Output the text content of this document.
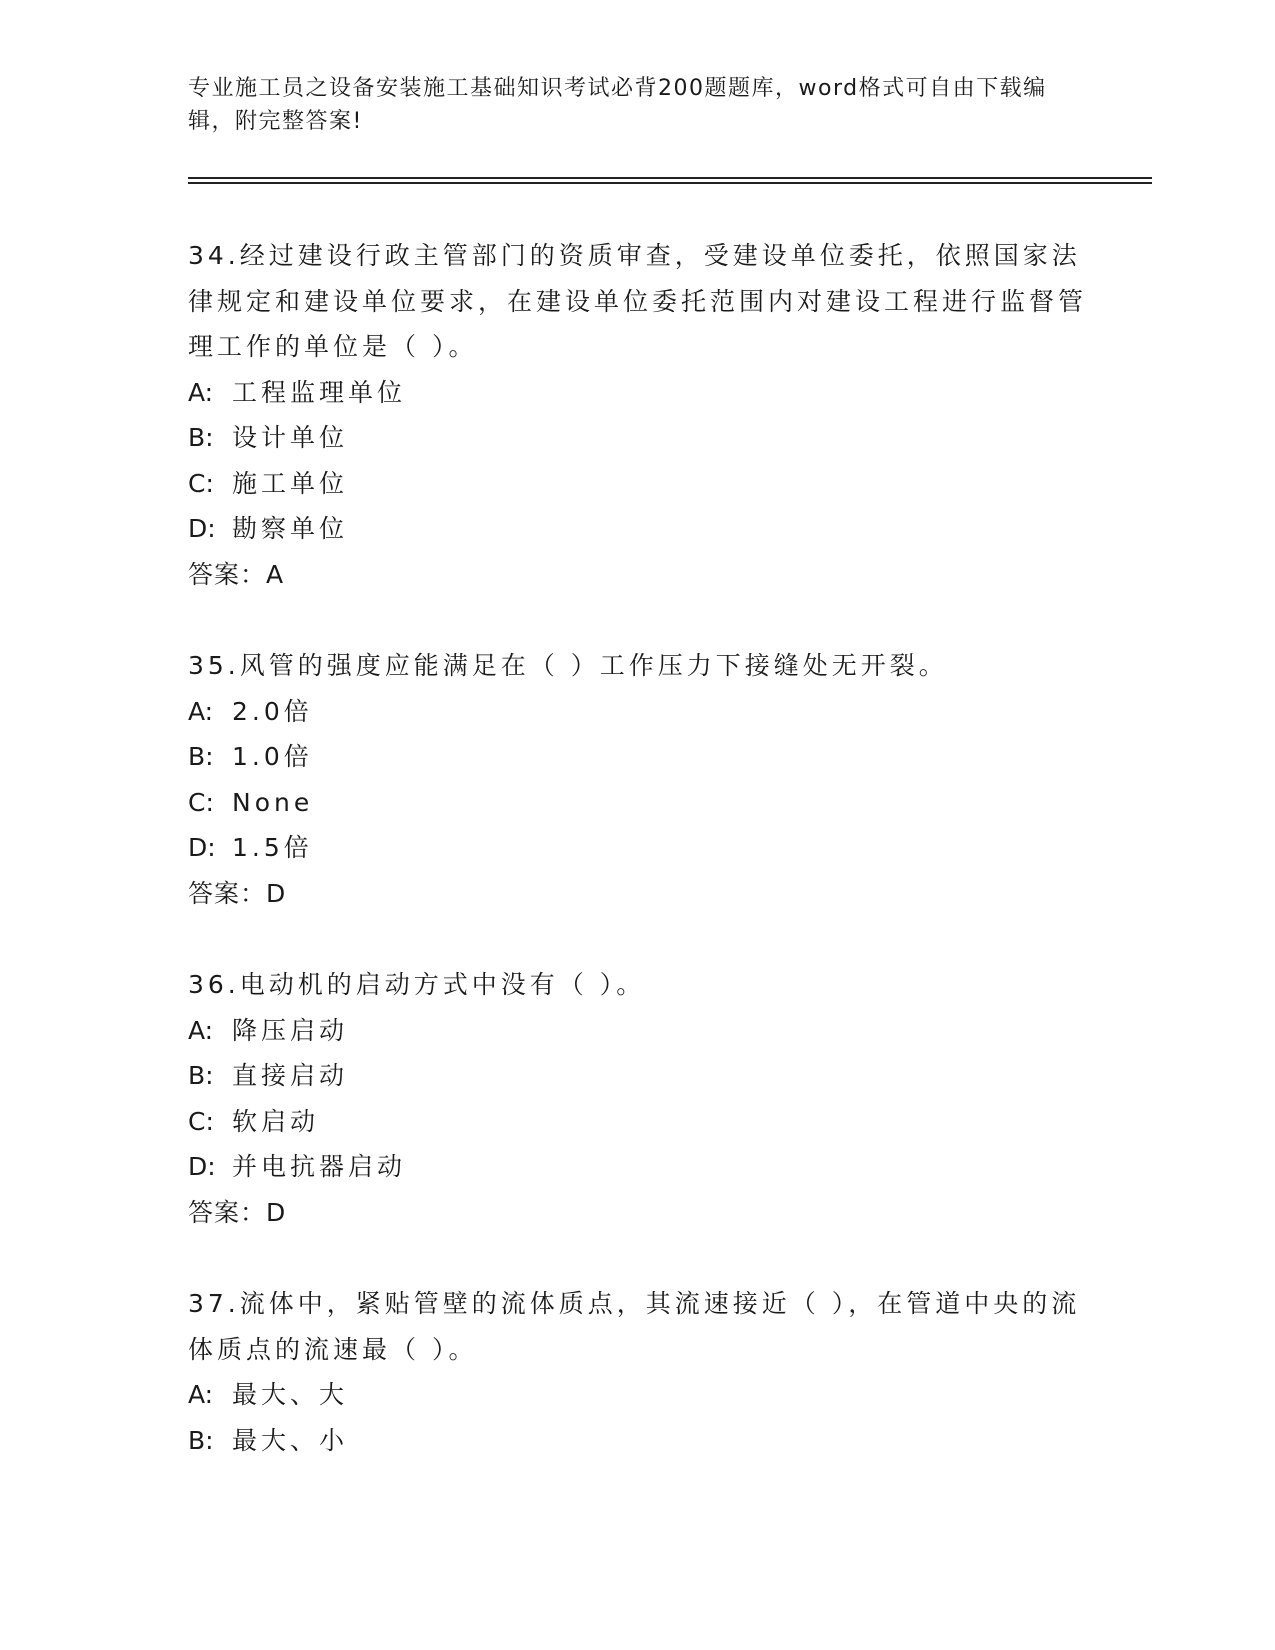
专业施工员之设备安装施工基础知识考试必背200题题库，word格式可自由下载编辑，附完整答案!

34.经过建设行政主管部门的资质审查，受建设单位委托，依照国家法律规定和建设单位要求，在建设单位委托范围内对建设工程进行监督管理工作的单位是（ ）。

A: 工程监理单位

B: 设计单位

C: 施工单位

D: 勘察单位

答案：A

35.风管的强度应能满足在（ ）工作压力下接缝处无开裂。

A: 2.0倍

B: 1.0倍

C: None

D: 1.5倍

答案：D

36.电动机的启动方式中没有（ ）。

A: 降压启动

B: 直接启动

C: 软启动

D: 并电抗器启动

答案：D

37.流体中，紧贴管壁的流体质点，其流速接近（ ），在管道中央的流体质点的流速最（ ）。

A: 最大、大

B: 最大、小
